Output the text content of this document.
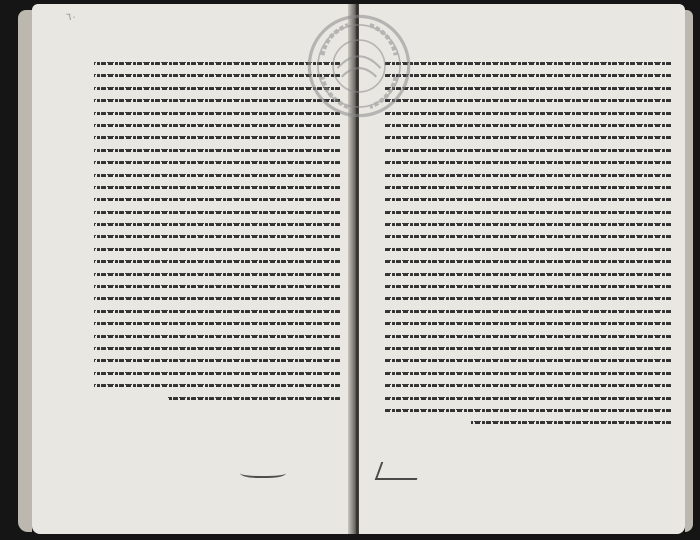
٦٠
